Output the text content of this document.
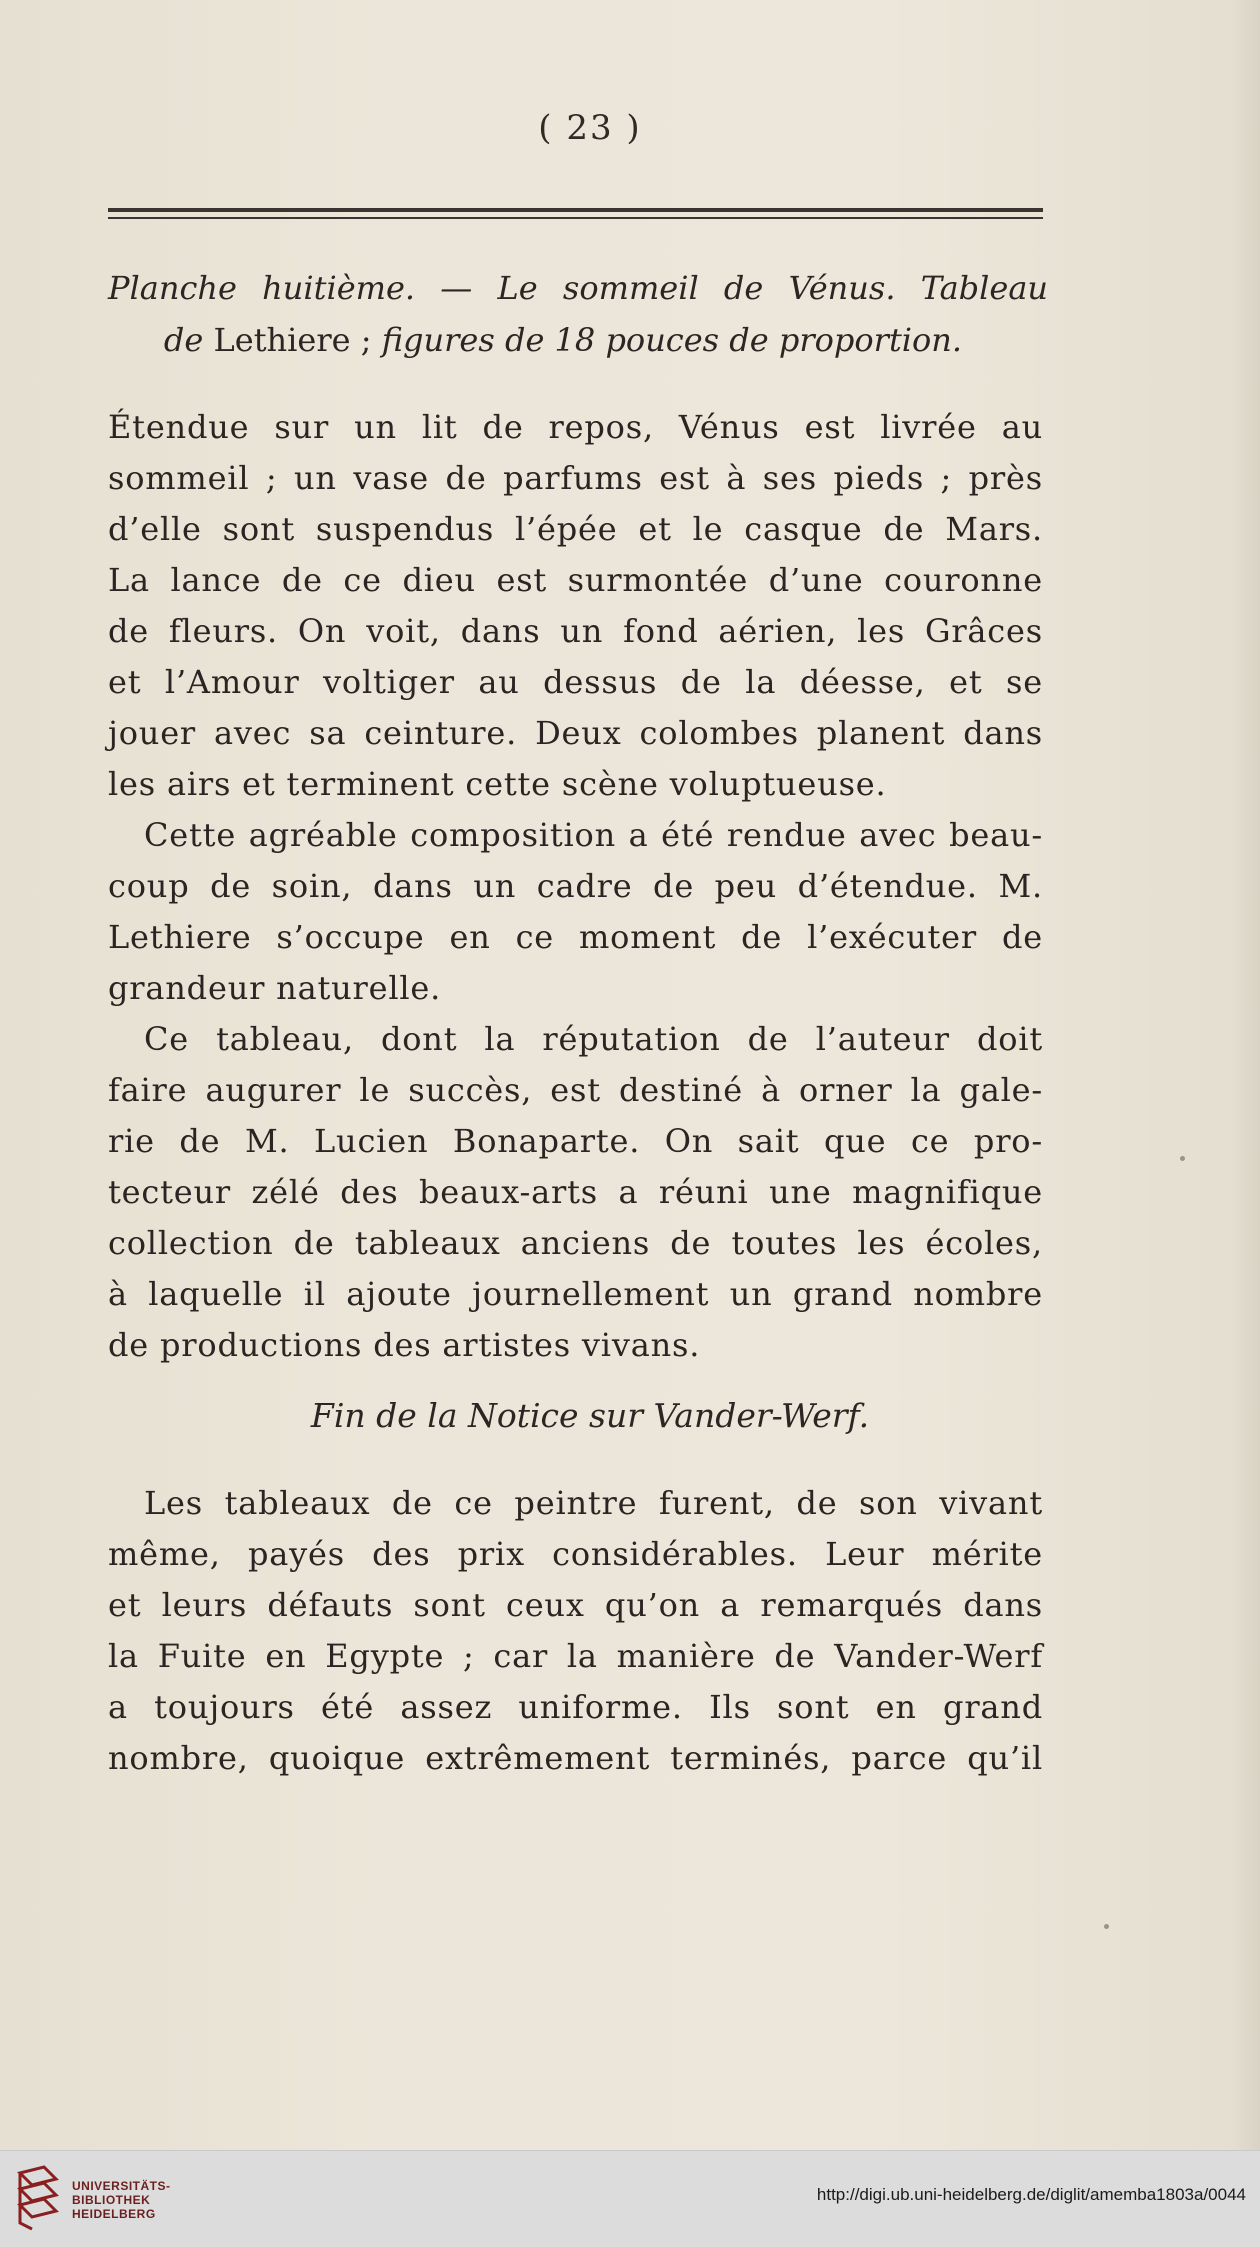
( 23 )
Planche huitième. — Le sommeil de Vénus. Tableau
de Lethiere ; figures de 18 pouces de proportion.
Étendue sur un lit de repos, Vénus est livrée au
sommeil ; un vase de parfums est à ses pieds ; près
d’elle sont suspendus l’épée et le casque de Mars.
La lance de ce dieu est surmontée d’une couronne
de fleurs. On voit, dans un fond aérien, les Grâces
et l’Amour voltiger au dessus de la déesse, et se
jouer avec sa ceinture. Deux colombes planent dans
les airs et terminent cette scène voluptueuse.
Cette agréable composition a été rendue avec beau-
coup de soin, dans un cadre de peu d’étendue. M.
Lethiere s’occupe en ce moment de l’exécuter de
grandeur naturelle.
Ce tableau, dont la réputation de l’auteur doit
faire augurer le succès, est destiné à orner la gale-
rie de M. Lucien Bonaparte. On sait que ce pro-
tecteur zélé des beaux-arts a réuni une magnifique
collection de tableaux anciens de toutes les écoles,
à laquelle il ajoute journellement un grand nombre
de productions des artistes vivans.
Fin de la Notice sur Vander-Werf.
Les tableaux de ce peintre furent, de son vivant
même, payés des prix considérables. Leur mérite
et leurs défauts sont ceux qu’on a remarqués dans
la Fuite en Egypte ; car la manière de Vander-Werf
a toujours été assez uniforme. Ils sont en grand
nombre, quoique extrêmement terminés, parce qu’il
UNIVERSITÄTS-
BIBLIOTHEK
HEIDELBERG
http://digi.ub.uni-heidelberg.de/diglit/amemba1803a/0044
